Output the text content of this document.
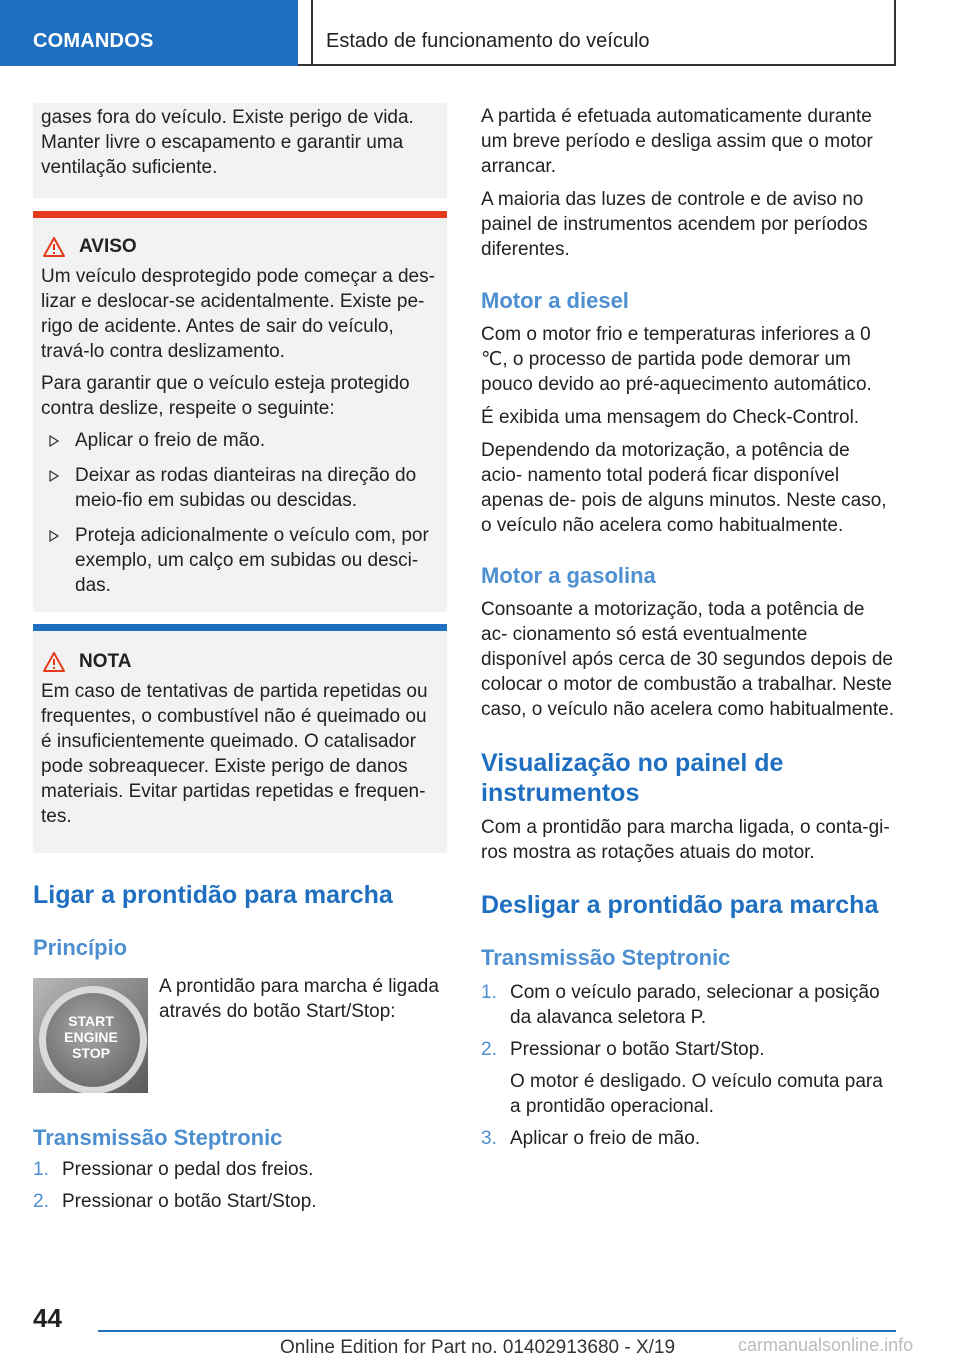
COMANDOS	Estado de funcionamento do veículo

gases fora do veículo. Existe perigo de vida. Manter livre o escapamento e garantir uma ventilação suficiente.

AVISO

Um veículo desprotegido pode começar a des- lizar e deslocar-se acidentalmente. Existe pe- rigo de acidente. Antes de sair do veículo, travá-lo contra deslizamento.

Para garantir que o veículo esteja protegido contra deslize, respeite o seguinte:

Aplicar o freio de mão.
Deixar as rodas dianteiras na direção do meio-fio em subidas ou descidas.
Proteja adicionalmente o veículo com, por exemplo, um calço em subidas ou desci- das.
NOTA

Em caso de tentativas de partida repetidas ou frequentes, o combustível não é queimado ou é insuficientemente queimado. O catalisador pode sobreaquecer. Existe perigo de danos materiais. Evitar partidas repetidas e frequen- tes.

Ligar a prontidão para marcha
Princípio
START
ENGINE
STOP

A prontidão para marcha é ligada através do botão Start/Stop:

Transmissão Steptronic
1. Pressionar o pedal dos freios.
2. Pressionar o botão Start/Stop.

A partida é efetuada automaticamente durante um breve período e desliga assim que o motor arrancar.

A maioria das luzes de controle e de aviso no painel de instrumentos acendem por períodos diferentes.

Motor a diesel

Com o motor frio e temperaturas inferiores a 0 ℃, o processo de partida pode demorar um pouco devido ao pré-aquecimento automático.

É exibida uma mensagem do Check-Control.

Dependendo da motorização, a potência de acio- namento total poderá ficar disponível apenas de- pois de alguns minutos. Neste caso, o veículo não acelera como habitualmente.

Motor a gasolina

Consoante a motorização, toda a potência de ac- cionamento só está eventualmente disponível após cerca de 30 segundos depois de colocar o motor de combustão a trabalhar. Neste caso, o veículo não acelera como habitualmente.

Visualização no painel de instrumentos

Com a prontidão para marcha ligada, o conta-gi- ros mostra as rotações atuais do motor.

Desligar a prontidão para marcha
Transmissão Steptronic
1. Com o veículo parado, selecionar a posição da alavanca seletora P.
2. Pressionar o botão Start/Stop.
O motor é desligado. O veículo comuta para a prontidão operacional.
3. Aplicar o freio de mão.
44
Online Edition for Part no. 01402913680 - X/19	carmanualsonline.info
